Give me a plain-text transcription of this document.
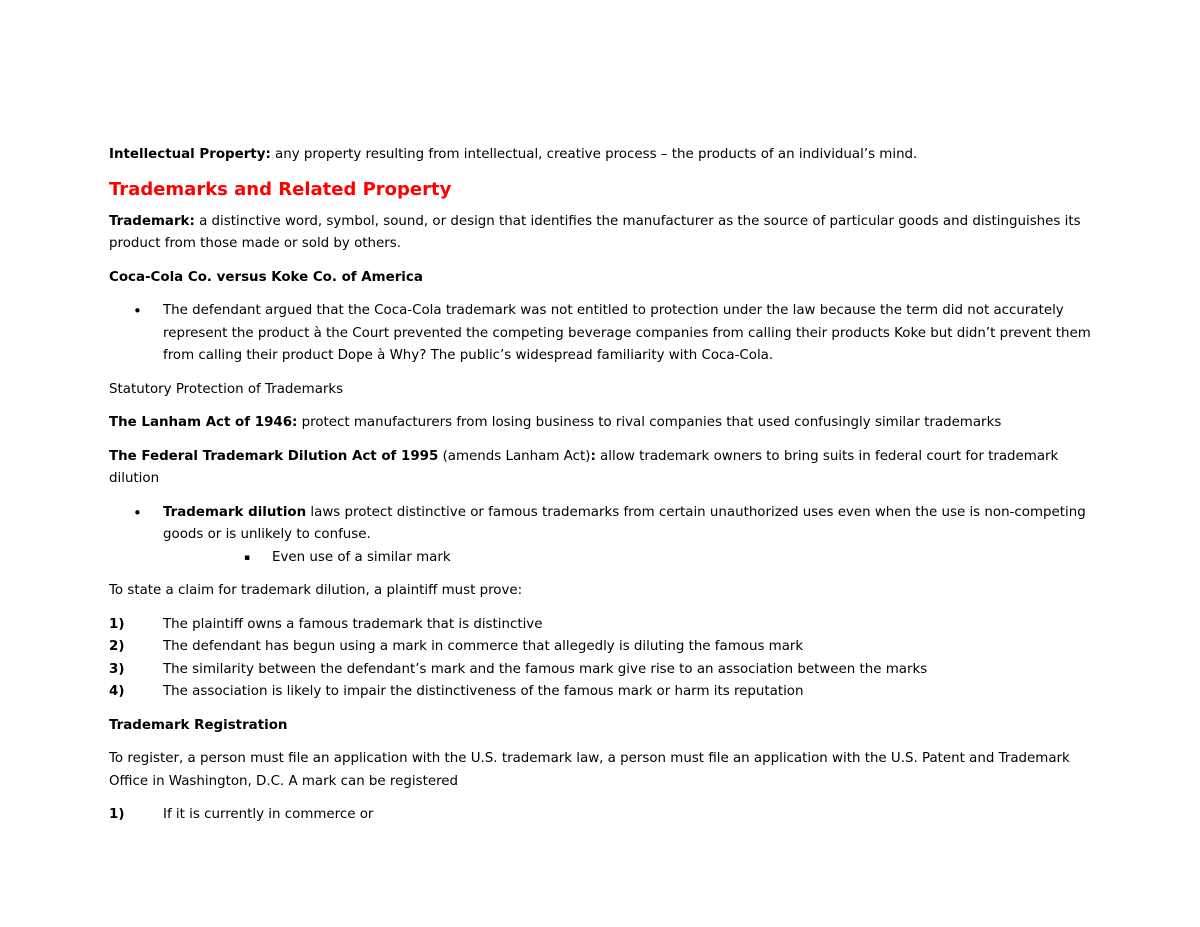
Intellectual Property: any property resulting from intellectual, creative process – the products of an individual’s mind.

Trademarks and Related Property

Trademark: a distinctive word, symbol, sound, or design that identifies the manufacturer as the source of particular goods and distinguishes its product from those made or sold by others.

Coca-Cola Co. versus Koke Co. of America

• The defendant argued that the Coca-Cola trademark was not entitled to protection under the law because the term did not accurately represent the product à the Court prevented the competing beverage companies from calling their products Koke but didn’t prevent them from calling their product Dope à Why? The public’s widespread familiarity with Coca-Cola.

Statutory Protection of Trademarks

The Lanham Act of 1946: protect manufacturers from losing business to rival companies that used confusingly similar trademarks

The Federal Trademark Dilution Act of 1995 (amends Lanham Act): allow trademark owners to bring suits in federal court for trademark dilution

• Trademark dilution laws protect distinctive or famous trademarks from certain unauthorized uses even when the use is non-competing goods or is unlikely to confuse.
▪ Even use of a similar mark

To state a claim for trademark dilution, a plaintiff must prove:

1)	The plaintiff owns a famous trademark that is distinctive
2)	The defendant has begun using a mark in commerce that allegedly is diluting the famous mark
3)	The similarity between the defendant’s mark and the famous mark give rise to an association between the marks
4)	The association is likely to impair the distinctiveness of the famous mark or harm its reputation

Trademark Registration

To register, a person must file an application with the U.S. trademark law, a person must file an application with the U.S. Patent and Trademark Office in Washington, D.C. A mark can be registered

1)	If it is currently in commerce or
